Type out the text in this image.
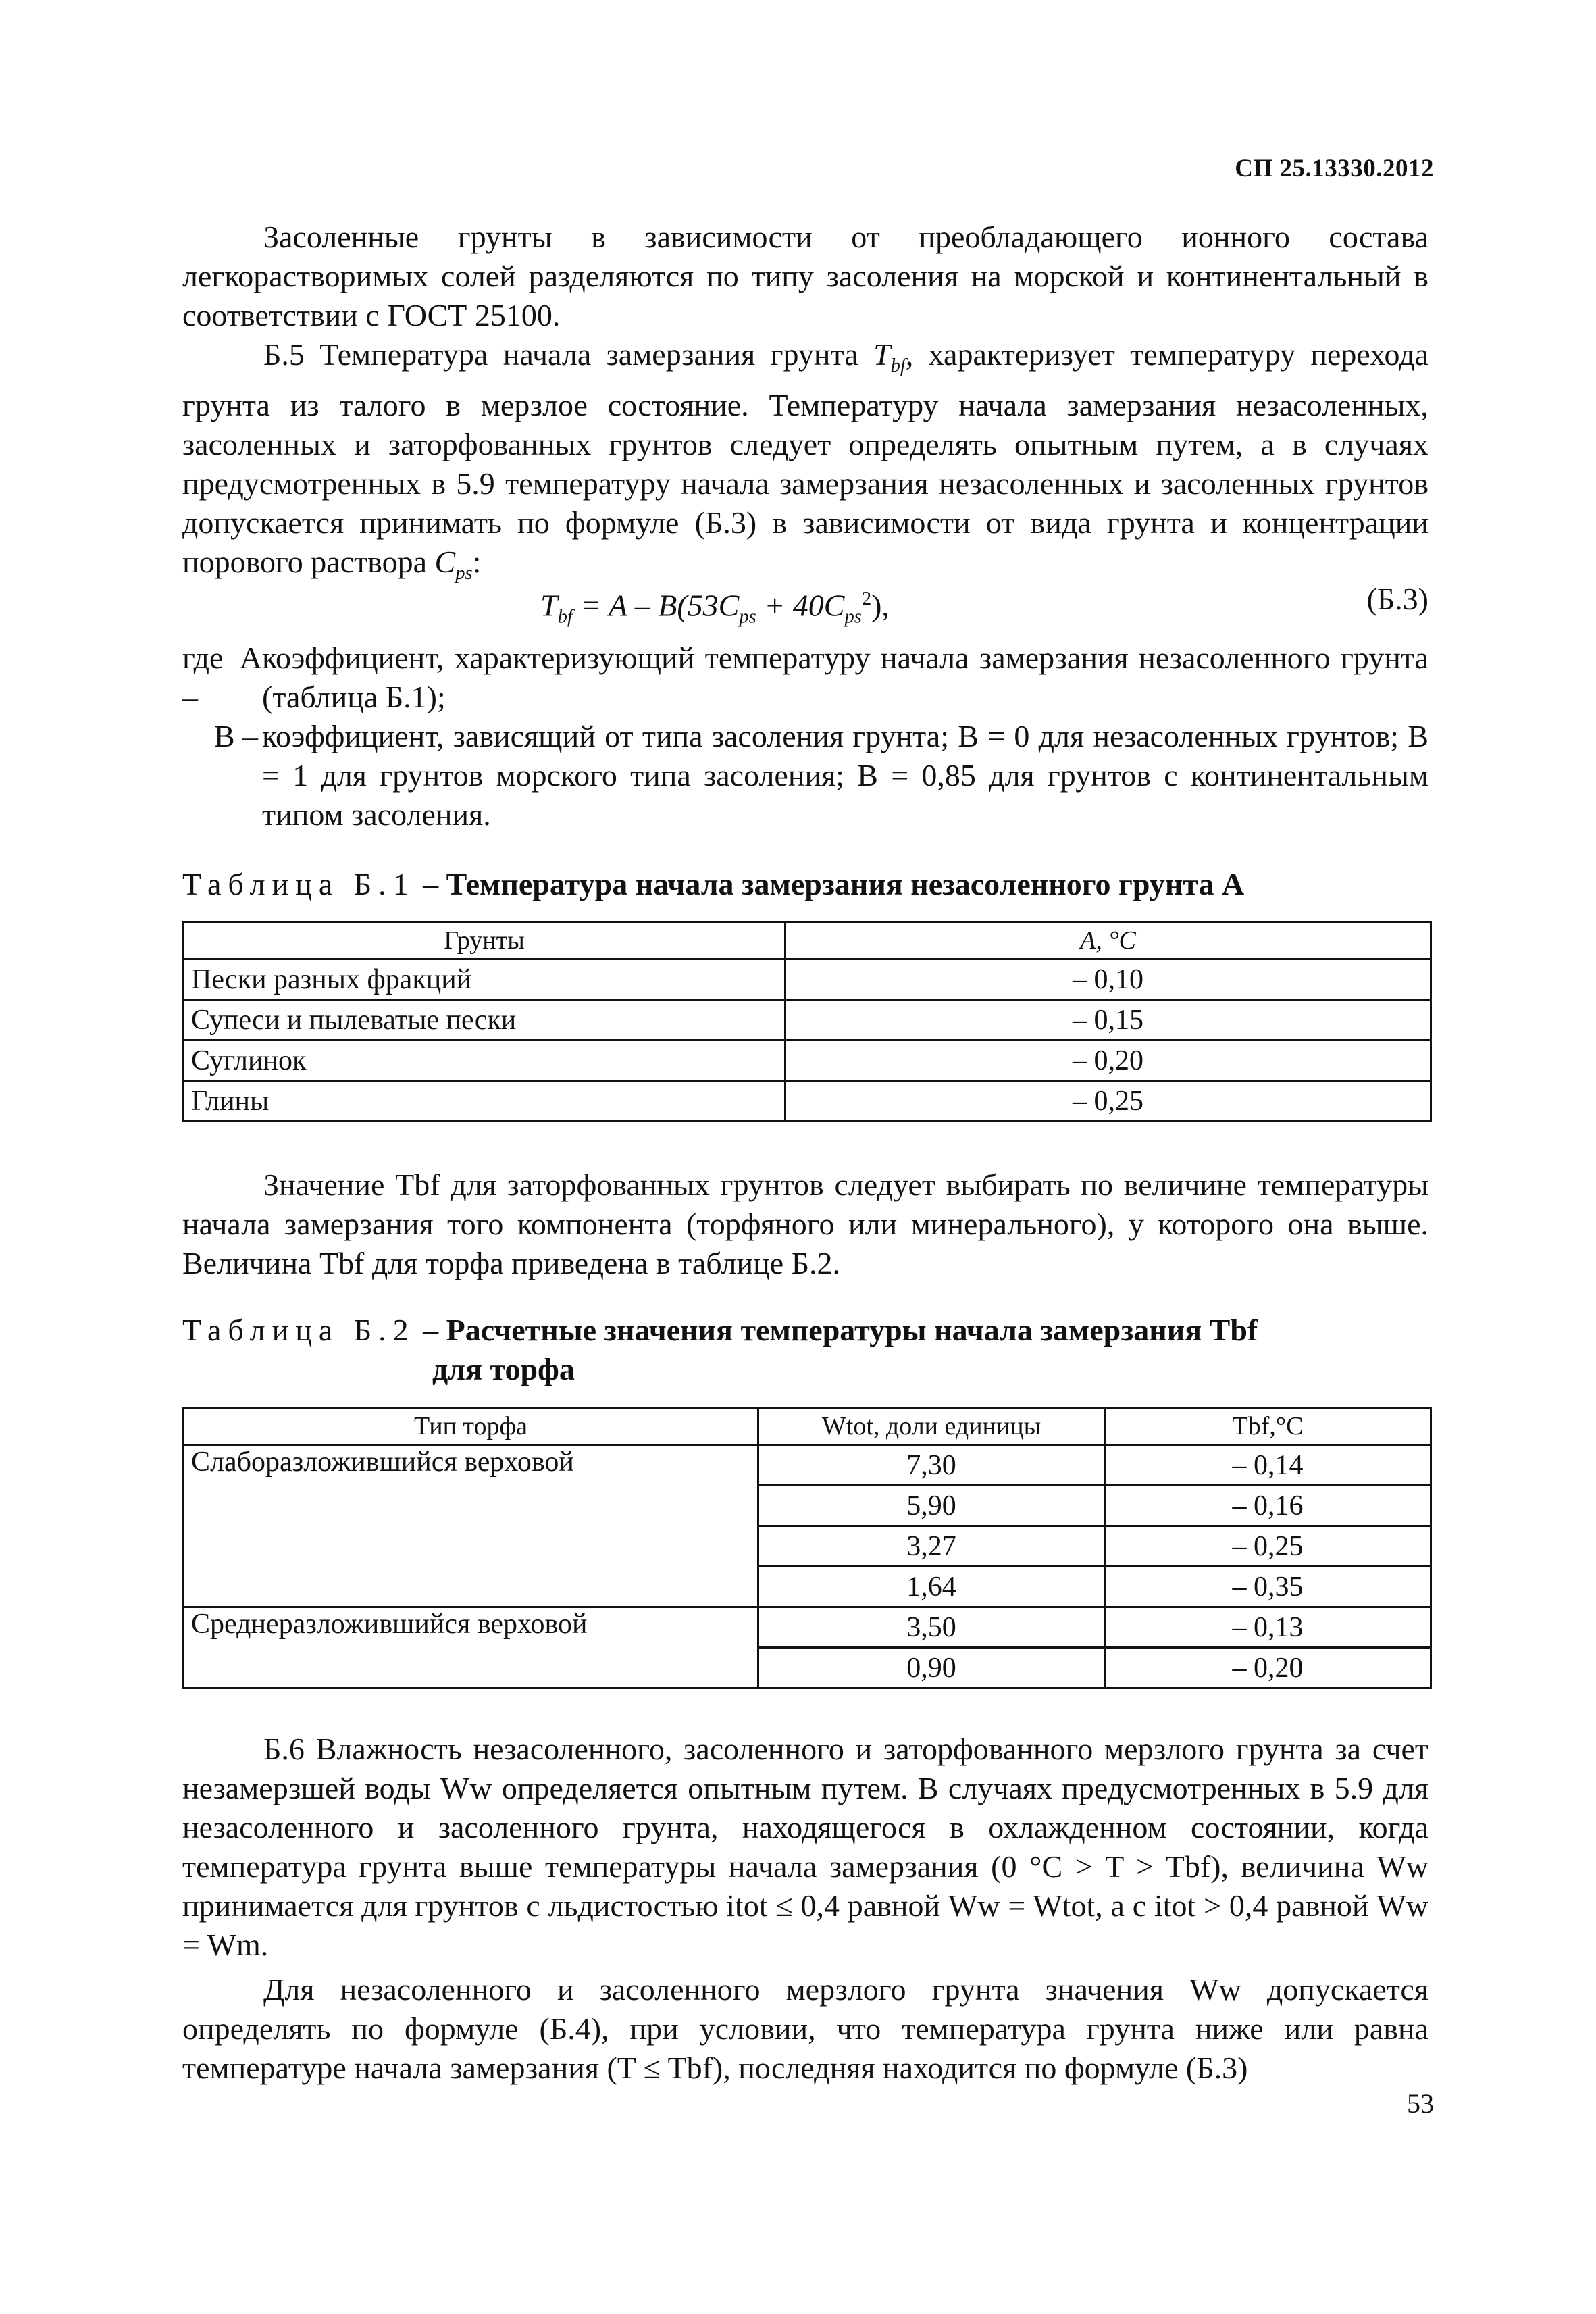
СП 25.13330.2012

Засоленные грунты в зависимости от преобладающего ионного состава легкорастворимых солей разделяются по типу засоления на морской и континентальный в соответствии с ГОСТ 25100.

Б.5 Температура начала замерзания грунта $T_{bf}$, характеризует температуру перехода грунта из талого в мерзлое состояние. Температуру начала замерзания незасоленных, засоленных и заторфованных грунтов следует определять опытным путем, а в случаях предусмотренных в 5.9 температуру начала замерзания незасоленных и засоленных грунтов допускается принимать по формуле (Б.3) в зависимости от вида грунта и концентрации порового раствора $C_{ps}$:

$T_{bf} = A - B(53C_{ps} + 40C_{ps}^2)$,	(Б.3)
где A –
коэффициент, характеризующий температуру начала замерзания незасоленного грунта (таблица Б.1);
B – коэффициент, зависящий от типа засоления грунта; B = 0 для незасоленных грунтов; B = 1 для грунтов морского типа засоления; B = 0,85 для грунтов с континентальным типом засоления.
Таблица Б.1 – Температура начала замерзания незасоленного грунта A
Грунты	A, °С
Пески разных фракций	– 0,10
Супеси и пылеватые пески	– 0,15
Суглинок	– 0,20
Глины	– 0,25

Значение Tbf для заторфованных грунтов следует выбирать по величине температуры начала замерзания того компонента (торфяного или минерального), у которого она выше. Величина Tbf для торфа приведена в таблице Б.2.

Таблица Б.2 – Расчетные значения температуры начала замерзания Tbf
для торфа
Тип торфа	Wtot, доли единицы	Tbf,°С
Слаборазложившийся верховой	7,30	– 0,14
	5,90	– 0,16
	3,27	– 0,25
	1,64	– 0,35
Среднеразложившийся верховой	3,50	– 0,13
	0,90	– 0,20

Б.6 Влажность незасоленного, засоленного и заторфованного мерзлого грунта за счет незамерзшей воды Ww определяется опытным путем. В случаях предусмотренных в 5.9 для незасоленного и засоленного грунта, находящегося в охлажденном состоянии, когда температура грунта выше температуры начала замерзания (0 °С > T > Tbf), величина Ww принимается для грунтов с льдистостью itot ≤ 0,4 равной Ww = Wtot, а с itot > 0,4 равной Ww = Wm.

Для незасоленного и засоленного мерзлого грунта значения Ww допускается определять по формуле (Б.4), при условии, что температура грунта ниже или равна температуре начала замерзания (T ≤ Tbf), последняя находится по формуле (Б.3)

53
